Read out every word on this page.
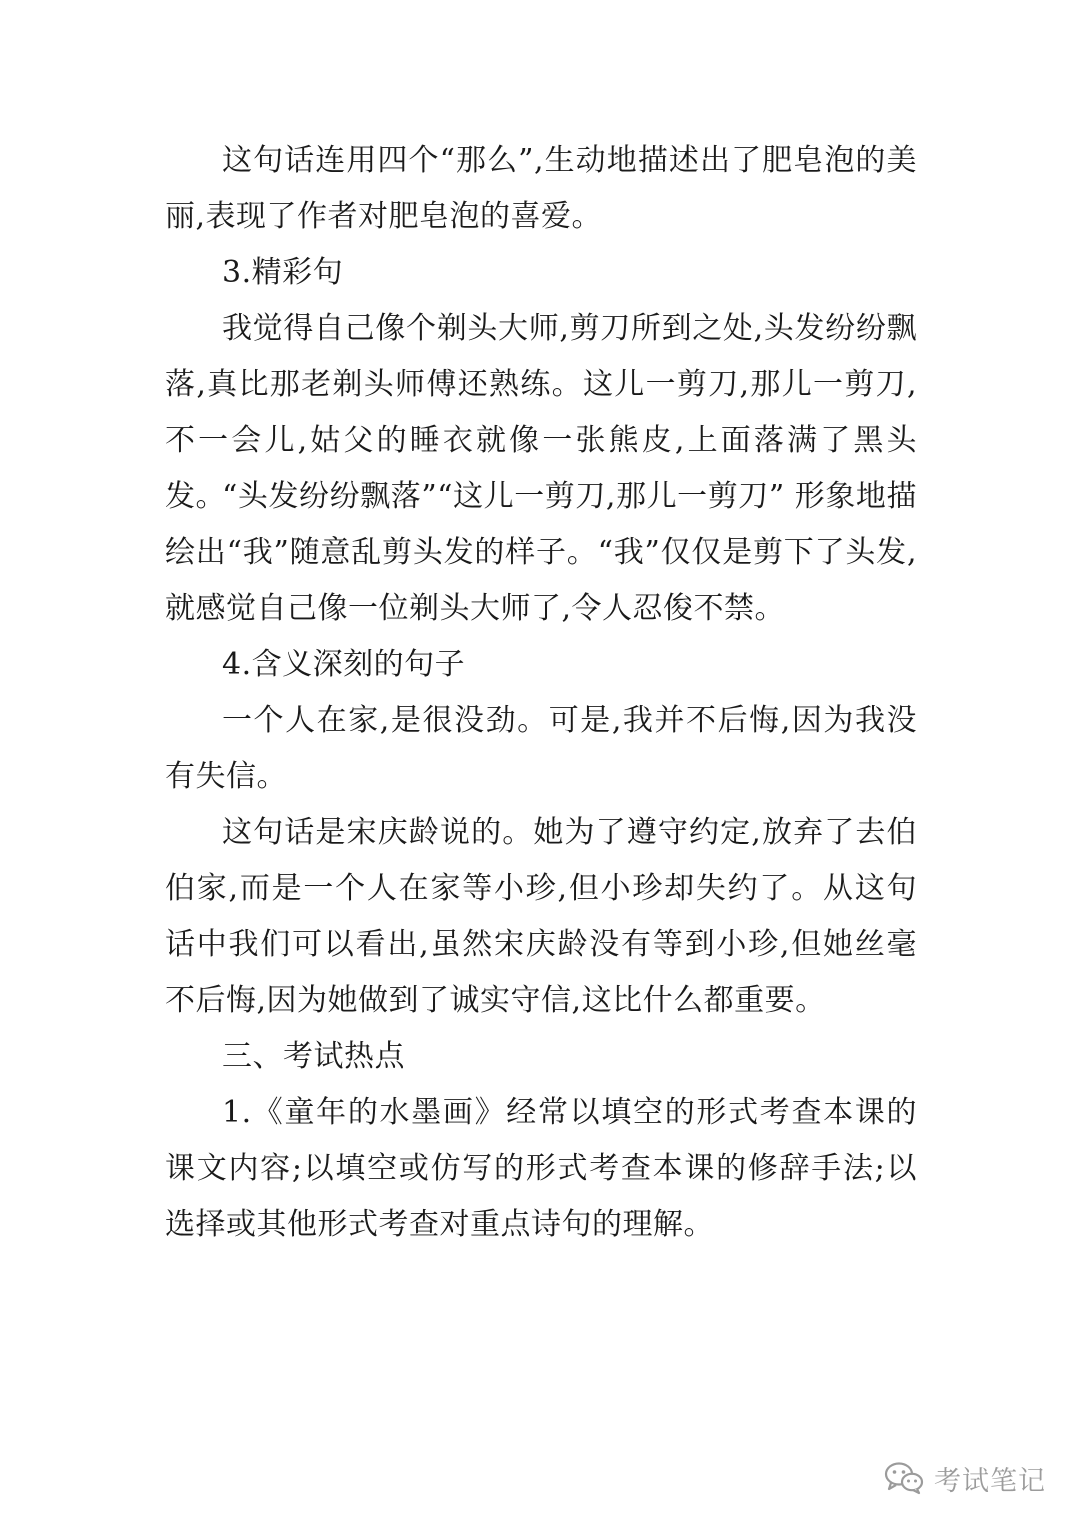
这句话连用四个“那么”,生动地描述出了肥皂泡的美丽,表现了作者对肥皂泡的喜爱。

3.精彩句

我觉得自己像个剃头大师,剪刀所到之处,头发纷纷飘落,真比那老剃头师傅还熟练。这儿一剪刀,那儿一剪刀,不一会儿,姑父的睡衣就像一张熊皮,上面落满了黑头发。

“头发纷纷飘落”“这儿一剪刀,那儿一剪刀” 形象地描绘出“我”随意乱剪头发的样子。“我”仅仅是剪下了头发,就感觉自己像一位剃头大师了,令人忍俊不禁。

4.含义深刻的句子

一个人在家,是很没劲。可是,我并不后悔,因为我没有失信。

这句话是宋庆龄说的。她为了遵守约定,放弃了去伯伯家,而是一个人在家等小珍,但小珍却失约了。从这句话中我们可以看出,虽然宋庆龄没有等到小珍,但她丝毫不后悔,因为她做到了诚实守信,这比什么都重要。

三、考试热点

1.《童年的水墨画》经常以填空的形式考查本课的课文内容;以填空或仿写的形式考查本课的修辞手法;以选择或其他形式考查对重点诗句的理解。

考试笔记
